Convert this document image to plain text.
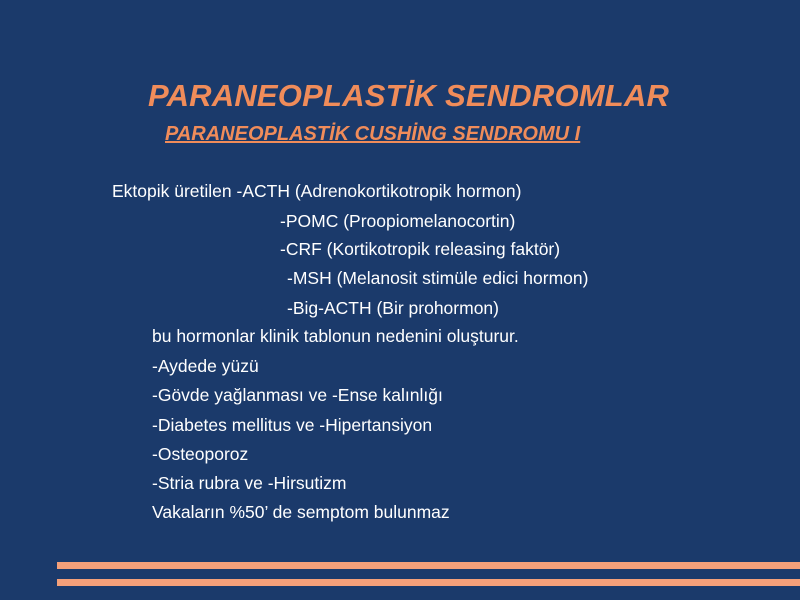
PARANEOPLASTİK SENDROMLAR
PARANEOPLASTİK CUSHİNG SENDROMU I

Ektopik üretilen -ACTH (Adrenokortikotropik hormon)

-POMC (Proopiomelanocortin)

-CRF (Kortikotropik releasing faktör)

-MSH (Melanosit stimüle edici hormon)

-Big-ACTH (Bir prohormon)

bu hormonlar klinik tablonun nedenini oluşturur.

-Aydede yüzü

-Gövde yağlanması ve -Ense kalınlığı

-Diabetes mellitus ve -Hipertansiyon

-Osteoporoz

-Stria rubra ve -Hirsutizm

Vakaların %50’ de semptom bulunmaz
